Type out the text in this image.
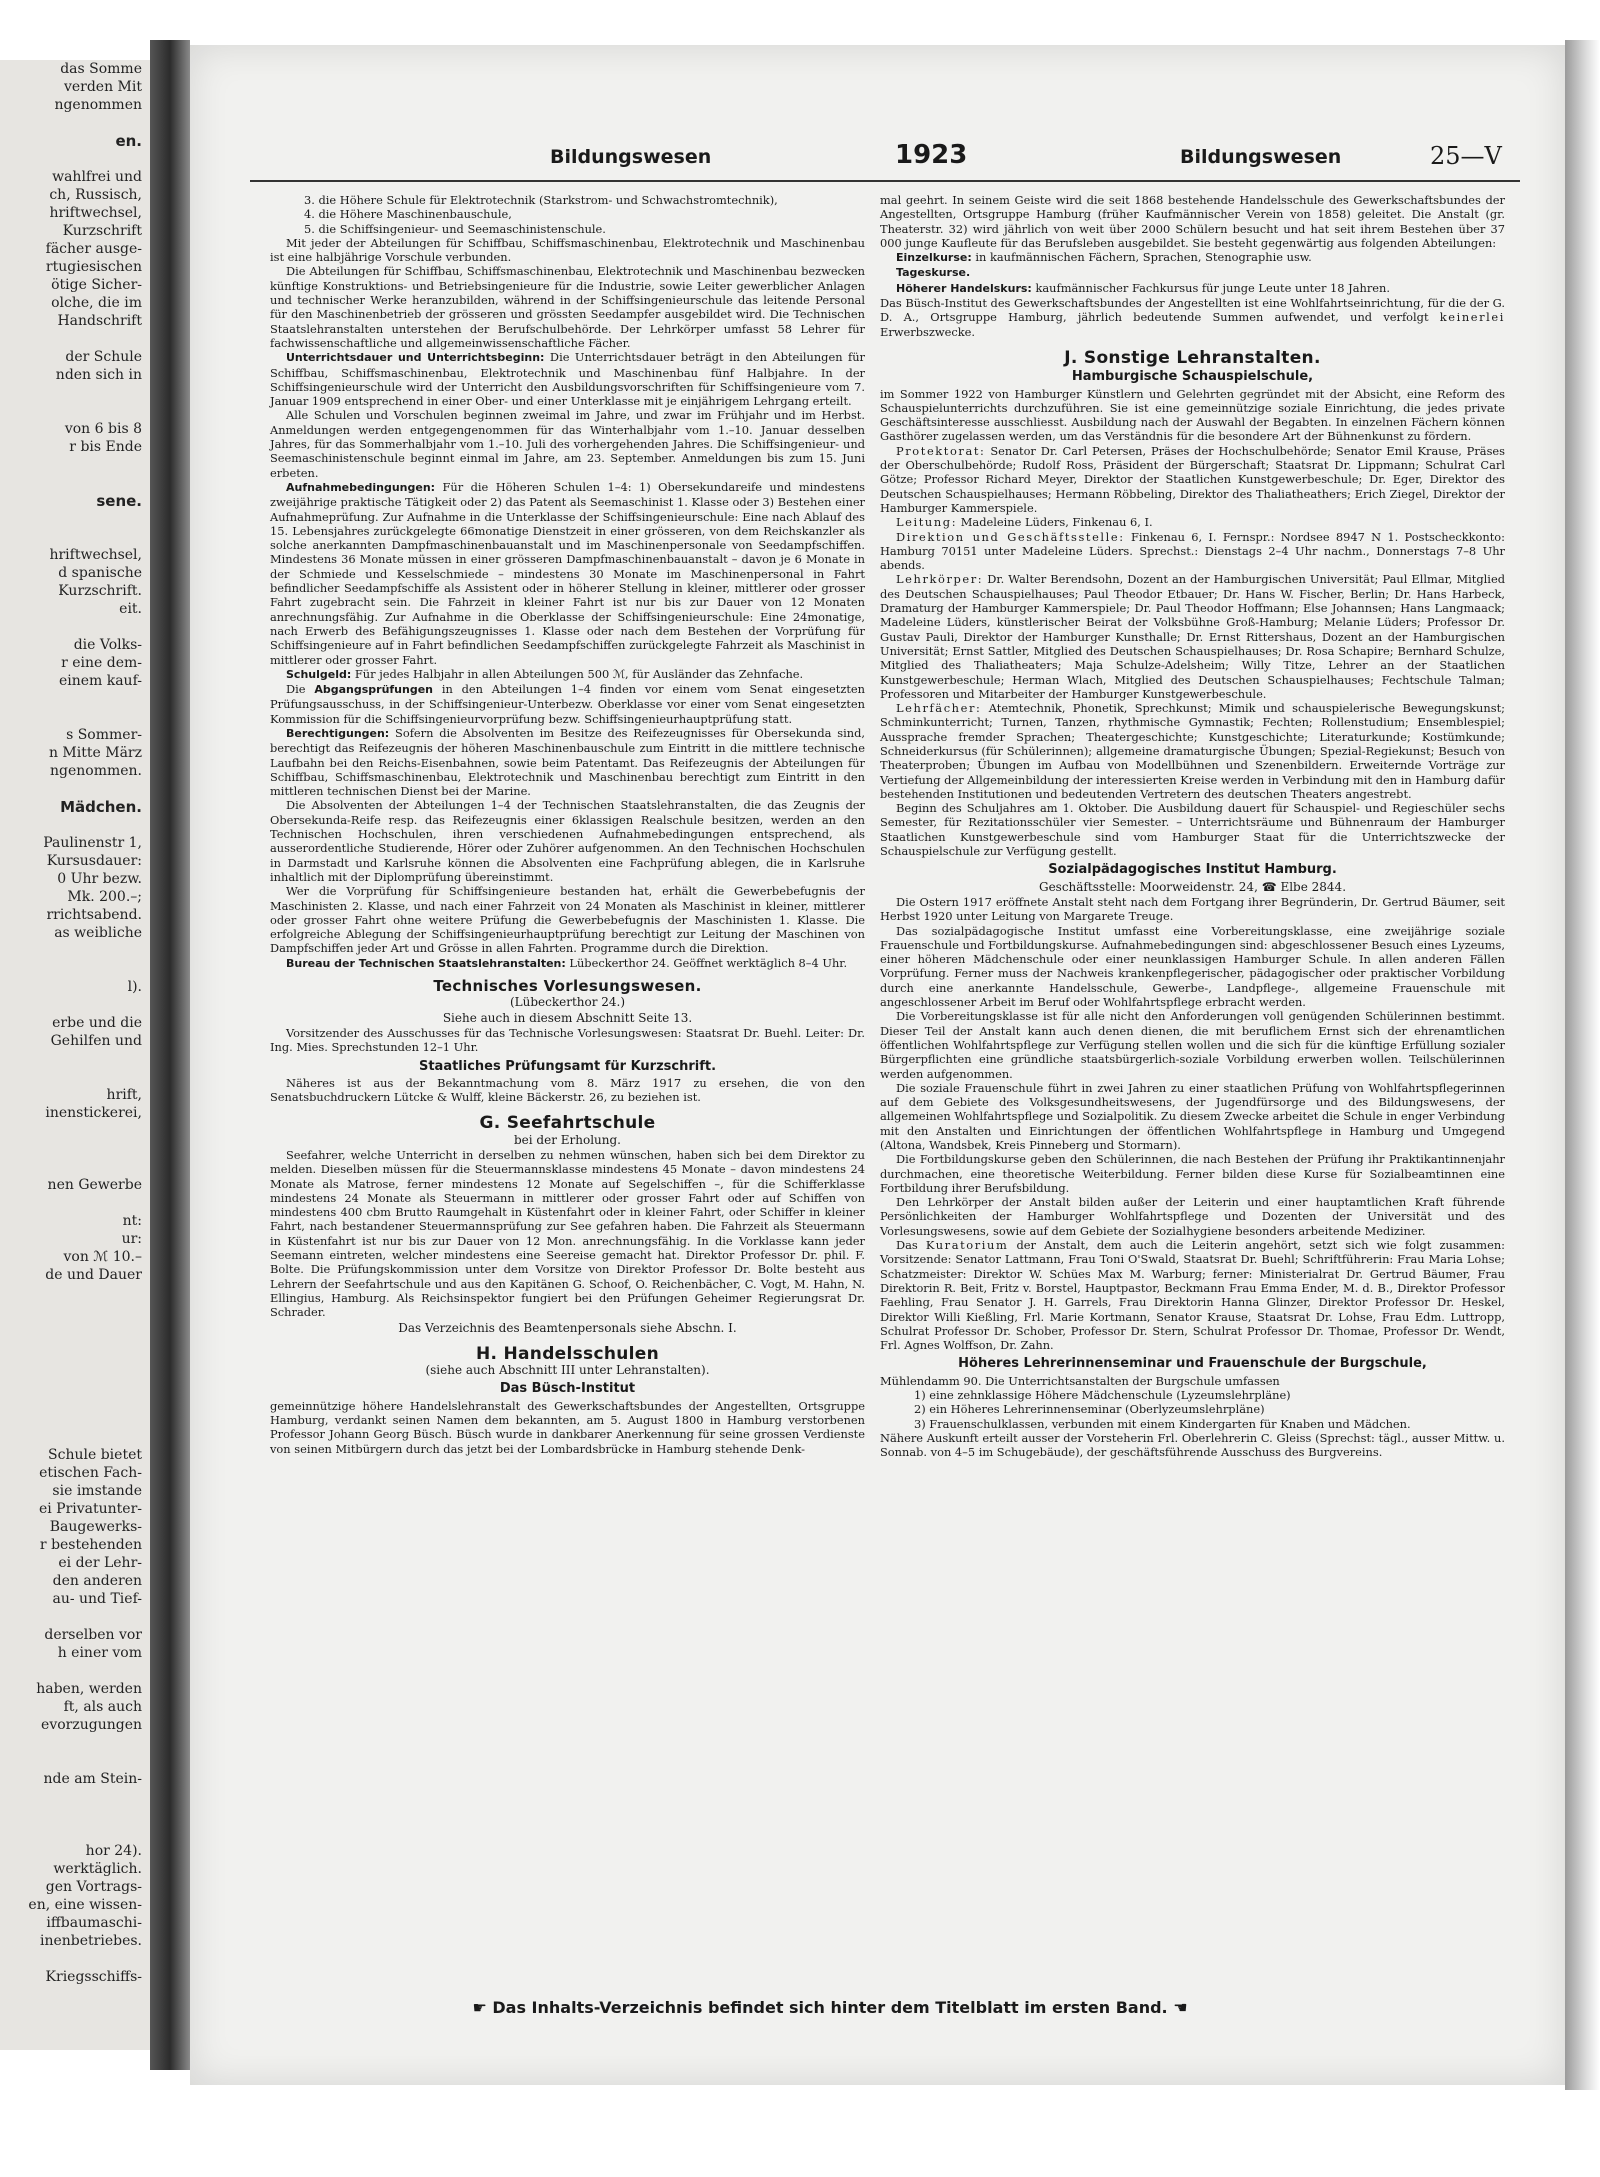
das Somme
verden Mit
ngenommen

en.

wahlfrei und
ch, Russisch,
hriftwechsel,
Kurzschrift
fächer ausge-
rtugiesischen
ötige Sicher-
olche, die im
Handschrift

der Schule
nden sich in

von 6 bis 8
r bis Ende

sene.

hriftwechsel,
d spanische
Kurzschrift.
eit.

die Volks-
r eine dem-
einem kauf-

s Sommer-
n Mitte März
ngenommen.

Mädchen.

Paulinenstr 1,
Kursusdauer:
0 Uhr bezw.
Mk. 200.–;
rrichtsabend.
as weibliche

l).

erbe und die
Gehilfen und

hrift,
inenstickerei,

nen Gewerbe

nt:
ur:
von ℳ 10.–
de und Dauer

Schule bietet
etischen Fach-
sie imstande
ei Privatunter-
Baugewerks-
r bestehenden
ei der Lehr-
den anderen
au- und Tief-

derselben vor
h einer vom

haben, werden
ft, als auch
evorzugungen

nde am Stein-

hor 24).
werktäglich.
gen Vortrags-
en, eine wissen-
iffbaumaschi-
inenbetriebes.

Kriegsschiffs-
Bildungswesen	1923	Bildungswesen	25—V

3. die Höhere Schule für Elektrotechnik (Starkstrom- und Schwachstromtechnik),

4. die Höhere Maschinenbauschule,

5. die Schiffsingenieur- und Seemaschinistenschule.

Mit jeder der Abteilungen für Schiffbau, Schiffsmaschinenbau, Elektrotechnik und Maschinenbau ist eine halbjährige Vorschule verbunden.

Die Abteilungen für Schiffbau, Schiffsmaschinenbau, Elektrotechnik und Maschinenbau bezwecken künftige Konstruktions- und Betriebsingenieure für die Industrie, sowie Leiter gewerblicher Anlagen und technischer Werke heranzubilden, während in der Schiffsingenieurschule das leitende Personal für den Maschinenbetrieb der grösseren und grössten Seedampfer ausgebildet wird. Die Technischen Staatslehranstalten unterstehen der Berufschulbehörde. Der Lehrkörper umfasst 58 Lehrer für fachwissenschaftliche und allgemeinwissenschaftliche Fächer.

Unterrichtsdauer und Unterrichtsbeginn: Die Unterrichtsdauer beträgt in den Abteilungen für Schiffbau, Schiffsmaschinenbau, Elektrotechnik und Maschinenbau fünf Halbjahre. In der Schiffsingenieurschule wird der Unterricht den Ausbildungsvorschriften für Schiffsingenieure vom 7. Januar 1909 entsprechend in einer Ober- und einer Unterklasse mit je einjährigem Lehrgang erteilt.

Alle Schulen und Vorschulen beginnen zweimal im Jahre, und zwar im Frühjahr und im Herbst. Anmeldungen werden entgegengenommen für das Winterhalbjahr vom 1.–10. Januar desselben Jahres, für das Sommerhalbjahr vom 1.–10. Juli des vorhergehenden Jahres. Die Schiffsingenieur- und Seemaschinistenschule beginnt einmal im Jahre, am 23. September. Anmeldungen bis zum 15. Juni erbeten.

Aufnahmebedingungen: Für die Höheren Schulen 1–4: 1) Obersekundareife und mindestens zweijährige praktische Tätigkeit oder 2) das Patent als Seemaschinist 1. Klasse oder 3) Bestehen einer Aufnahmeprüfung. Zur Aufnahme in die Unterklasse der Schiffsingenieurschule: Eine nach Ablauf des 15. Lebensjahres zurückgelegte 66monatige Dienstzeit in einer grösseren, von dem Reichskanzler als solche anerkannten Dampfmaschinenbauanstalt und im Maschinenpersonale von Seedampfschiffen. Mindestens 36 Monate müssen in einer grösseren Dampfmaschinenbauanstalt – davon je 6 Monate in der Schmiede und Kesselschmiede – mindestens 30 Monate im Maschinenpersonal in Fahrt befindlicher Seedampfschiffe als Assistent oder in höherer Stellung in kleiner, mittlerer oder grosser Fahrt zugebracht sein. Die Fahrzeit in kleiner Fahrt ist nur bis zur Dauer von 12 Monaten anrechnungsfähig. Zur Aufnahme in die Oberklasse der Schiffsingenieurschule: Eine 24monatige, nach Erwerb des Befähigungszeugnisses 1. Klasse oder nach dem Bestehen der Vorprüfung für Schiffsingenieure auf in Fahrt befindlichen Seedampfschiffen zurückgelegte Fahrzeit als Maschinist in mittlerer oder grosser Fahrt.

Schulgeld: Für jedes Halbjahr in allen Abteilungen 500 ℳ, für Ausländer das Zehnfache.

Die Abgangsprüfungen in den Abteilungen 1–4 finden vor einem vom Senat eingesetzten Prüfungsausschuss, in der Schiffsingenieur-Unterbezw. Oberklasse vor einer vom Senat eingesetzten Kommission für die Schiffsingenieurvorprüfung bezw. Schiffsingenieurhauptprüfung statt.

Berechtigungen: Sofern die Absolventen im Besitze des Reifezeugnisses für Obersekunda sind, berechtigt das Reifezeugnis der höheren Maschinenbauschule zum Eintritt in die mittlere technische Laufbahn bei den Reichs-Eisenbahnen, sowie beim Patentamt. Das Reifezeugnis der Abteilungen für Schiffbau, Schiffsmaschinenbau, Elektrotechnik und Maschinenbau berechtigt zum Eintritt in den mittleren technischen Dienst bei der Marine.

Die Absolventen der Abteilungen 1–4 der Technischen Staatslehranstalten, die das Zeugnis der Obersekunda-Reife resp. das Reifezeugnis einer 6klassigen Realschule besitzen, werden an den Technischen Hochschulen, ihren verschiedenen Aufnahmebedingungen entsprechend, als ausserordentliche Studierende, Hörer oder Zuhörer aufgenommen. An den Technischen Hochschulen in Darmstadt und Karlsruhe können die Absolventen eine Fachprüfung ablegen, die in Karlsruhe inhaltlich mit der Diplomprüfung übereinstimmt.

Wer die Vorprüfung für Schiffsingenieure bestanden hat, erhält die Gewerbebefugnis der Maschinisten 2. Klasse, und nach einer Fahrzeit von 24 Monaten als Maschinist in kleiner, mittlerer oder grosser Fahrt ohne weitere Prüfung die Gewerbebefugnis der Maschinisten 1. Klasse. Die erfolgreiche Ablegung der Schiffsingenieurhauptprüfung berechtigt zur Leitung der Maschinen von Dampfschiffen jeder Art und Grösse in allen Fahrten. Programme durch die Direktion.

Bureau der Technischen Staatslehranstalten: Lübeckerthor 24. Geöffnet werktäglich 8–4 Uhr.

Technisches Vorlesungswesen.
(Lübeckerthor 24.)
Siehe auch in diesem Abschnitt Seite 13.

Vorsitzender des Ausschusses für das Technische Vorlesungswesen: Staatsrat Dr. Buehl. Leiter: Dr. Ing. Mies. Sprechstunden 12–1 Uhr.

Staatliches Prüfungsamt für Kurzschrift.

Näheres ist aus der Bekanntmachung vom 8. März 1917 zu ersehen, die von den Senatsbuchdruckern Lütcke & Wulff, kleine Bäckerstr. 26, zu beziehen ist.

G. Seefahrtschule
bei der Erholung.

Seefahrer, welche Unterricht in derselben zu nehmen wünschen, haben sich bei dem Direktor zu melden. Dieselben müssen für die Steuermannsklasse mindestens 45 Monate – davon mindestens 24 Monate als Matrose, ferner mindestens 12 Monate auf Segelschiffen –, für die Schifferklasse mindestens 24 Monate als Steuermann in mittlerer oder grosser Fahrt oder auf Schiffen von mindestens 400 cbm Brutto Raumgehalt in Küstenfahrt oder in kleiner Fahrt, oder Schiffer in kleiner Fahrt, nach bestandener Steuermannsprüfung zur See gefahren haben. Die Fahrzeit als Steuermann in Küstenfahrt ist nur bis zur Dauer von 12 Mon. anrechnungsfähig. In die Vorklasse kann jeder Seemann eintreten, welcher mindestens eine Seereise gemacht hat. Direktor Professor Dr. phil. F. Bolte. Die Prüfungskommission unter dem Vorsitze von Direktor Professor Dr. Bolte besteht aus Lehrern der Seefahrtschule und aus den Kapitänen G. Schoof, O. Reichenbächer, C. Vogt, M. Hahn, N. Ellingius, Hamburg. Als Reichsinspektor fungiert bei den Prüfungen Geheimer Regierungsrat Dr. Schrader.

Das Verzeichnis des Beamtenpersonals siehe Abschn. I.
H. Handelsschulen
(siehe auch Abschnitt III unter Lehranstalten).
Das Büsch-Institut

gemeinnützige höhere Handelslehranstalt des Gewerkschaftsbundes der Angestellten, Ortsgruppe Hamburg, verdankt seinen Namen dem bekannten, am 5. August 1800 in Hamburg verstorbenen Professor Johann Georg Büsch. Büsch wurde in dankbarer Anerkennung für seine grossen Verdienste von seinen Mitbürgern durch das jetzt bei der Lombardsbrücke in Hamburg stehende Denk-

mal geehrt. In seinem Geiste wird die seit 1868 bestehende Handelsschule des Gewerkschaftsbundes der Angestellten, Ortsgruppe Hamburg (früher Kaufmännischer Verein von 1858) geleitet. Die Anstalt (gr. Theaterstr. 32) wird jährlich von weit über 2000 Schülern besucht und hat seit ihrem Bestehen über 37 000 junge Kaufleute für das Berufsleben ausgebildet. Sie besteht gegenwärtig aus folgenden Abteilungen:

Einzelkurse: in kaufmännischen Fächern, Sprachen, Stenographie usw.

Tageskurse.

Höherer Handelskurs: kaufmännischer Fachkursus für junge Leute unter 18 Jahren.

Das Büsch-Institut des Gewerkschaftsbundes der Angestellten ist eine Wohlfahrtseinrichtung, für die der G. D. A., Ortsgruppe Hamburg, jährlich bedeutende Summen aufwendet, und verfolgt keinerlei Erwerbszwecke.

J. Sonstige Lehranstalten.
Hamburgische Schauspielschule,

im Sommer 1922 von Hamburger Künstlern und Gelehrten gegründet mit der Absicht, eine Reform des Schauspielunterrichts durchzuführen. Sie ist eine gemeinnützige soziale Einrichtung, die jedes private Geschäftsinteresse ausschliesst. Ausbildung nach der Auswahl der Begabten. In einzelnen Fächern können Gasthörer zugelassen werden, um das Verständnis für die besondere Art der Bühnenkunst zu fördern.

Protektorat: Senator Dr. Carl Petersen, Präses der Hochschulbehörde; Senator Emil Krause, Präses der Oberschulbehörde; Rudolf Ross, Präsident der Bürgerschaft; Staatsrat Dr. Lippmann; Schulrat Carl Götze; Professor Richard Meyer, Direktor der Staatlichen Kunstgewerbeschule; Dr. Eger, Direktor des Deutschen Schauspielhauses; Hermann Röbbeling, Direktor des Thaliatheathers; Erich Ziegel, Direktor der Hamburger Kammerspiele.

Leitung: Madeleine Lüders, Finkenau 6, I.

Direktion und Geschäftsstelle: Finkenau 6, I. Fernspr.: Nordsee 8947 N 1. Postscheckkonto: Hamburg 70151 unter Madeleine Lüders. Sprechst.: Dienstags 2–4 Uhr nachm., Donnerstags 7–8 Uhr abends.

Lehrkörper: Dr. Walter Berendsohn, Dozent an der Hamburgischen Universität; Paul Ellmar, Mitglied des Deutschen Schauspielhauses; Paul Theodor Etbauer; Dr. Hans W. Fischer, Berlin; Dr. Hans Harbeck, Dramaturg der Hamburger Kammerspiele; Dr. Paul Theodor Hoffmann; Else Johannsen; Hans Langmaack; Madeleine Lüders, künstlerischer Beirat der Volksbühne Groß-Hamburg; Melanie Lüders; Professor Dr. Gustav Pauli, Direktor der Hamburger Kunsthalle; Dr. Ernst Rittershaus, Dozent an der Hamburgischen Universität; Ernst Sattler, Mitglied des Deutschen Schauspielhauses; Dr. Rosa Schapire; Bernhard Schulze, Mitglied des Thaliatheaters; Maja Schulze-Adelsheim; Willy Titze, Lehrer an der Staatlichen Kunstgewerbeschule; Herman Wlach, Mitglied des Deutschen Schauspielhauses; Fechtschule Talman; Professoren und Mitarbeiter der Hamburger Kunstgewerbeschule.

Lehrfächer: Atemtechnik, Phonetik, Sprechkunst; Mimik und schauspielerische Bewegungskunst; Schminkunterricht; Turnen, Tanzen, rhythmische Gymnastik; Fechten; Rollenstudium; Ensemblespiel; Aussprache fremder Sprachen; Theatergeschichte; Kunstgeschichte; Literaturkunde; Kostümkunde; Schneiderkursus (für Schülerinnen); allgemeine dramaturgische Übungen; Spezial-Regiekunst; Besuch von Theaterproben; Übungen im Aufbau von Modellbühnen und Szenenbildern. Erweiternde Vorträge zur Vertiefung der Allgemeinbildung der interessierten Kreise werden in Verbindung mit den in Hamburg dafür bestehenden Institutionen und bedeutenden Vertretern des deutschen Theaters angestrebt.

Beginn des Schuljahres am 1. Oktober. Die Ausbildung dauert für Schauspiel- und Regieschüler sechs Semester, für Rezitationsschüler vier Semester. – Unterrichtsräume und Bühnenraum der Hamburger Staatlichen Kunstgewerbeschule sind vom Hamburger Staat für die Unterrichtszwecke der Schauspielschule zur Verfügung gestellt.

Sozialpädagogisches Institut Hamburg.
Geschäftsstelle: Moorweidenstr. 24, ☎ Elbe 2844.

Die Ostern 1917 eröffnete Anstalt steht nach dem Fortgang ihrer Begründerin, Dr. Gertrud Bäumer, seit Herbst 1920 unter Leitung von Margarete Treuge.

Das sozialpädagogische Institut umfasst eine Vorbereitungsklasse, eine zweijährige soziale Frauenschule und Fortbildungskurse. Aufnahmebedingungen sind: abgeschlossener Besuch eines Lyzeums, einer höheren Mädchenschule oder einer neunklassigen Hamburger Schule. In allen anderen Fällen Vorprüfung. Ferner muss der Nachweis krankenpflegerischer, pädagogischer oder praktischer Vorbildung durch eine anerkannte Handelsschule, Gewerbe-, Landpflege-, allgemeine Frauenschule mit angeschlossener Arbeit im Beruf oder Wohlfahrtspflege erbracht werden.

Die Vorbereitungsklasse ist für alle nicht den Anforderungen voll genügenden Schülerinnen bestimmt. Dieser Teil der Anstalt kann auch denen dienen, die mit beruflichem Ernst sich der ehrenamtlichen öffentlichen Wohlfahrtspflege zur Verfügung stellen wollen und die sich für die künftige Erfüllung sozialer Bürgerpflichten eine gründliche staatsbürgerlich-soziale Vorbildung erwerben wollen. Teilschülerinnen werden aufgenommen.

Die soziale Frauenschule führt in zwei Jahren zu einer staatlichen Prüfung von Wohlfahrtspflegerinnen auf dem Gebiete des Volksgesundheitswesens, der Jugendfürsorge und des Bildungswesens, der allgemeinen Wohlfahrtspflege und Sozialpolitik. Zu diesem Zwecke arbeitet die Schule in enger Verbindung mit den Anstalten und Einrichtungen der öffentlichen Wohlfahrtspflege in Hamburg und Umgegend (Altona, Wandsbek, Kreis Pinneberg und Stormarn).

Die Fortbildungskurse geben den Schülerinnen, die nach Bestehen der Prüfung ihr Praktikantinnenjahr durchmachen, eine theoretische Weiterbildung. Ferner bilden diese Kurse für Sozialbeamtinnen eine Fortbildung ihrer Berufsbildung.

Den Lehrkörper der Anstalt bilden außer der Leiterin und einer hauptamtlichen Kraft führende Persönlichkeiten der Hamburger Wohlfahrtspflege und Dozenten der Universität und des Vorlesungswesens, sowie auf dem Gebiete der Sozialhygiene besonders arbeitende Mediziner.

Das Kuratorium der Anstalt, dem auch die Leiterin angehört, setzt sich wie folgt zusammen: Vorsitzende: Senator Lattmann, Frau Toni O'Swald, Staatsrat Dr. Buehl; Schriftführerin: Frau Maria Lohse; Schatzmeister: Direktor W. Schües Max M. Warburg; ferner: Ministerialrat Dr. Gertrud Bäumer, Frau Direktorin R. Beit, Fritz v. Borstel, Hauptpastor, Beckmann Frau Emma Ender, M. d. B., Direktor Professor Faehling, Frau Senator J. H. Garrels, Frau Direktorin Hanna Glinzer, Direktor Professor Dr. Heskel, Direktor Willi Kießling, Frl. Marie Kortmann, Senator Krause, Staatsrat Dr. Lohse, Frau Edm. Luttropp, Schulrat Professor Dr. Schober, Professor Dr. Stern, Schulrat Professor Dr. Thomae, Professor Dr. Wendt, Frl. Agnes Wolffson, Dr. Zahn.

Höheres Lehrerinnenseminar und Frauenschule der Burgschule,

Mühlendamm 90. Die Unterrichtsanstalten der Burgschule umfassen

1) eine zehnklassige Höhere Mädchenschule (Lyzeumslehrpläne)

2) ein Höheres Lehrerinnenseminar (Oberlyzeumslehrpläne)

3) Frauenschulklassen, verbunden mit einem Kindergarten für Knaben und Mädchen.

Nähere Auskunft erteilt ausser der Vorsteherin Frl. Oberlehrerin C. Gleiss (Sprechst: tägl., ausser Mittw. u. Sonnab. von 4–5 im Schugebäude), der geschäftsführende Ausschuss des Burgvereins.

☛ Das Inhalts-Verzeichnis befindet sich hinter dem Titelblatt im ersten Band. ☚
